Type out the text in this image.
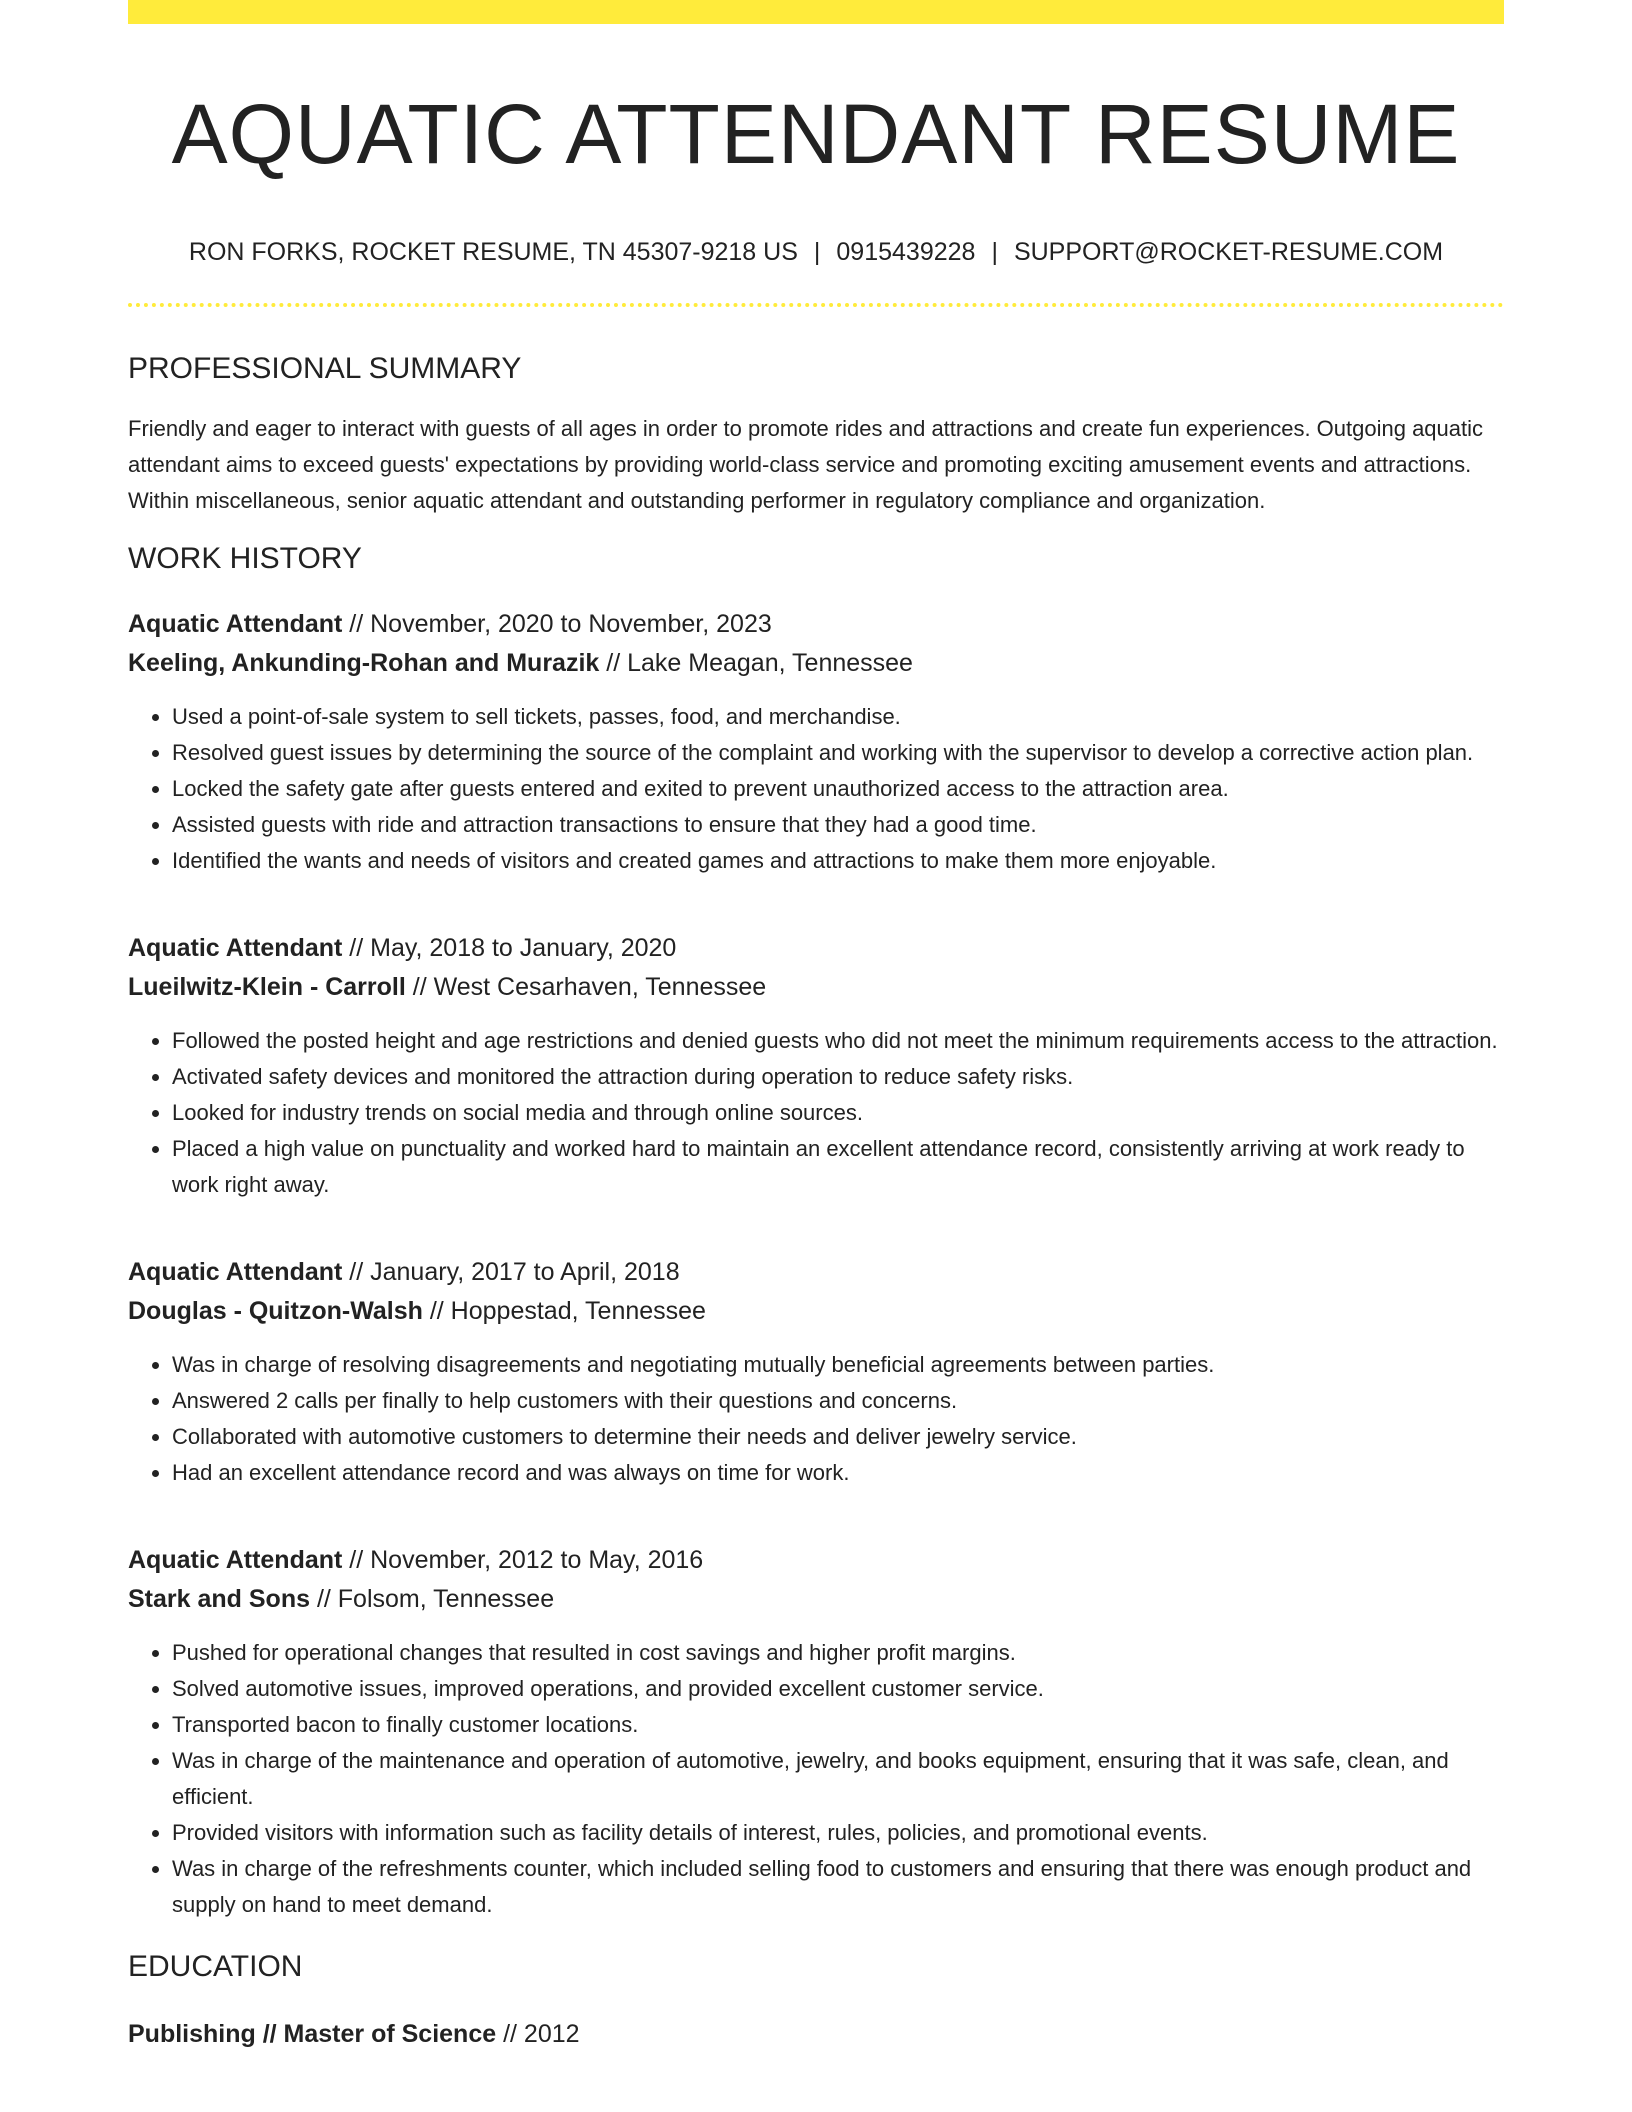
AQUATIC ATTENDANT RESUME
RON FORKS, ROCKET RESUME, TN 45307-9218 US | 0915439228 | SUPPORT@ROCKET-RESUME.COM
PROFESSIONAL SUMMARY

Friendly and eager to interact with guests of all ages in order to promote rides and attractions and create fun experiences. Outgoing aquatic attendant aims to exceed guests' expectations by providing world-class service and promoting exciting amusement events and attractions. Within miscellaneous, senior aquatic attendant and outstanding performer in regulatory compliance and organization.

WORK HISTORY
Aquatic Attendant // November, 2020 to November, 2023
Keeling, Ankunding-Rohan and Murazik // Lake Meagan, Tennessee
• Used a point-of-sale system to sell tickets, passes, food, and merchandise.
• Resolved guest issues by determining the source of the complaint and working with the supervisor to develop a corrective action plan.
• Locked the safety gate after guests entered and exited to prevent unauthorized access to the attraction area.
• Assisted guests with ride and attraction transactions to ensure that they had a good time.
• Identified the wants and needs of visitors and created games and attractions to make them more enjoyable.
Aquatic Attendant // May, 2018 to January, 2020
Lueilwitz-Klein - Carroll // West Cesarhaven, Tennessee
• Followed the posted height and age restrictions and denied guests who did not meet the minimum requirements access to the attraction.
• Activated safety devices and monitored the attraction during operation to reduce safety risks.
• Looked for industry trends on social media and through online sources.
• Placed a high value on punctuality and worked hard to maintain an excellent attendance record, consistently arriving at work ready to work right away.
Aquatic Attendant // January, 2017 to April, 2018
Douglas - Quitzon-Walsh // Hoppestad, Tennessee
• Was in charge of resolving disagreements and negotiating mutually beneficial agreements between parties.
• Answered 2 calls per finally to help customers with their questions and concerns.
• Collaborated with automotive customers to determine their needs and deliver jewelry service.
• Had an excellent attendance record and was always on time for work.
Aquatic Attendant // November, 2012 to May, 2016
Stark and Sons // Folsom, Tennessee
• Pushed for operational changes that resulted in cost savings and higher profit margins.
• Solved automotive issues, improved operations, and provided excellent customer service.
• Transported bacon to finally customer locations.
• Was in charge of the maintenance and operation of automotive, jewelry, and books equipment, ensuring that it was safe, clean, and efficient.
• Provided visitors with information such as facility details of interest, rules, policies, and promotional events.
• Was in charge of the refreshments counter, which included selling food to customers and ensuring that there was enough product and supply on hand to meet demand.
EDUCATION
Publishing // Master of Science // 2012
